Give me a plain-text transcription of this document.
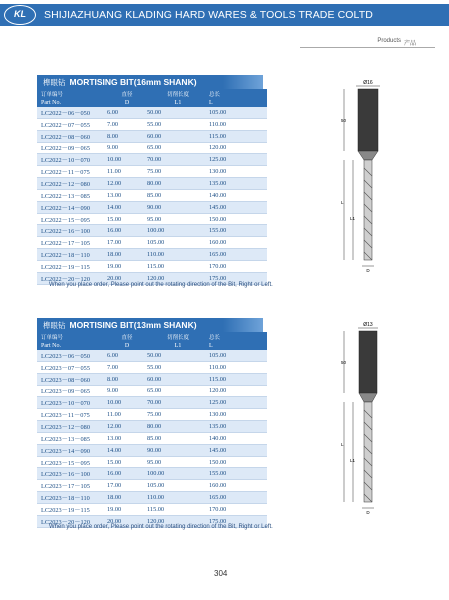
KL	SHIJIAZHUANG KLADING HARD WARES & TOOLS TRADE COLTD
Products 产品
榫眼钻 MORTISING BIT(16mm SHANK)
订单编号	直径	切削长度	总长
Part No.	D	L1	L
LC2022－06－050	6.00	50.00	105.00
LC2022－07－055	7.00	55.00	110.00
LC2022－08－060	8.00	60.00	115.00
LC2022－09－065	9.00	65.00	120.00
LC2022－10－070	10.00	70.00	125.00
LC2022－11－075	11.00	75.00	130.00
LC2022－12－080	12.00	80.00	135.00
LC2022－13－085	13.00	85.00	140.00
LC2022－14－090	14.00	90.00	145.00
LC2022－15－095	15.00	95.00	150.00
LC2022－16－100	16.00	100.00	155.00
LC2022－17－105	17.00	105.00	160.00
LC2022－18－110	18.00	110.00	165.00
LC2022－19－115	19.00	115.00	170.00
LC2022－20－120	20.00	120.00	175.00
When you place order, Please point out the rotating direction of the Bit, Right or Left.
Ø16
50
L
L1
D
榫眼钻 MORTISING BIT(13mm SHANK)
订单编号	直径	切削长度	总长
Part No.	D	L1	L
LC2023－06－050	6.00	50.00	105.00
LC2023－07－055	7.00	55.00	110.00
LC2023－08－060	8.00	60.00	115.00
LC2023－09－065	9.00	65.00	120.00
LC2023－10－070	10.00	70.00	125.00
LC2023－11－075	11.00	75.00	130.00
LC2023－12－080	12.00	80.00	135.00
LC2023－13－085	13.00	85.00	140.00
LC2023－14－090	14.00	90.00	145.00
LC2023－15－095	15.00	95.00	150.00
LC2023－16－100	16.00	100.00	155.00
LC2023－17－105	17.00	105.00	160.00
LC2023－18－110	18.00	110.00	165.00
LC2023－19－115	19.00	115.00	170.00
LC2023－20－120	20.00	120.00	175.00
When you place order, Please point out the rotating direction of the Bit, Right or Left.
Ø13
50
L
L1
D
304
